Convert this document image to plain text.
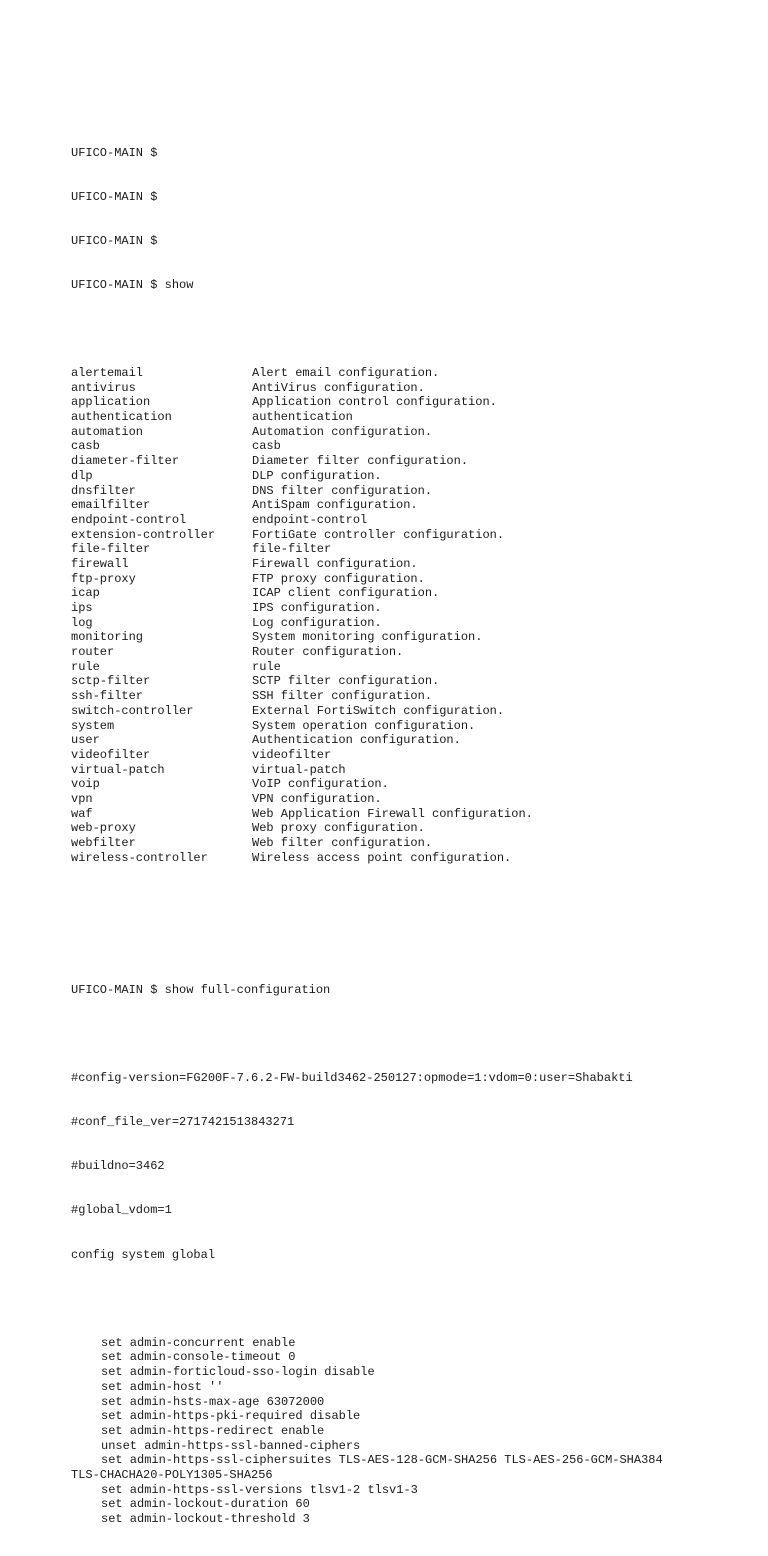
UFICO-MAIN $

UFICO-MAIN $

UFICO-MAIN $

UFICO-MAIN $ show

alertemail	Alert email configuration.
antivirus	AntiVirus configuration.
application	Application control configuration.
authentication	authentication
automation	Automation configuration.
casb	casb
diameter-filter	Diameter filter configuration.
dlp	DLP configuration.
dnsfilter	DNS filter configuration.
emailfilter	AntiSpam configuration.
endpoint-control	endpoint-control
extension-controller	FortiGate controller configuration.
file-filter	file-filter
firewall	Firewall configuration.
ftp-proxy	FTP proxy configuration.
icap	ICAP client configuration.
ips	IPS configuration.
log	Log configuration.
monitoring	System monitoring configuration.
router	Router configuration.
rule	rule
sctp-filter	SCTP filter configuration.
ssh-filter	SSH filter configuration.
switch-controller	External FortiSwitch configuration.
system	System operation configuration.
user	Authentication configuration.
videofilter	videofilter
virtual-patch	virtual-patch
voip	VoIP configuration.
vpn	VPN configuration.
waf	Web Application Firewall configuration.
web-proxy	Web proxy configuration.
webfilter	Web filter configuration.
wireless-controller	Wireless access point configuration.

UFICO-MAIN $ show full-configuration

#config-version=FG200F-7.6.2-FW-build3462-250127:opmode=1:vdom=0:user=Shabakti

#conf_file_ver=2717421513843271

#buildno=3462

#global_vdom=1

config system global

set admin-concurrent enable
set admin-console-timeout 0
set admin-forticloud-sso-login disable
set admin-host ''
set admin-hsts-max-age 63072000
set admin-https-pki-required disable
set admin-https-redirect enable
unset admin-https-ssl-banned-ciphers
set admin-https-ssl-ciphersuites TLS-AES-128-GCM-SHA256 TLS-AES-256-GCM-SHA384
TLS-CHACHA20-POLY1305-SHA256
set admin-https-ssl-versions tlsv1-2 tlsv1-3
set admin-lockout-duration 60
set admin-lockout-threshold 3
